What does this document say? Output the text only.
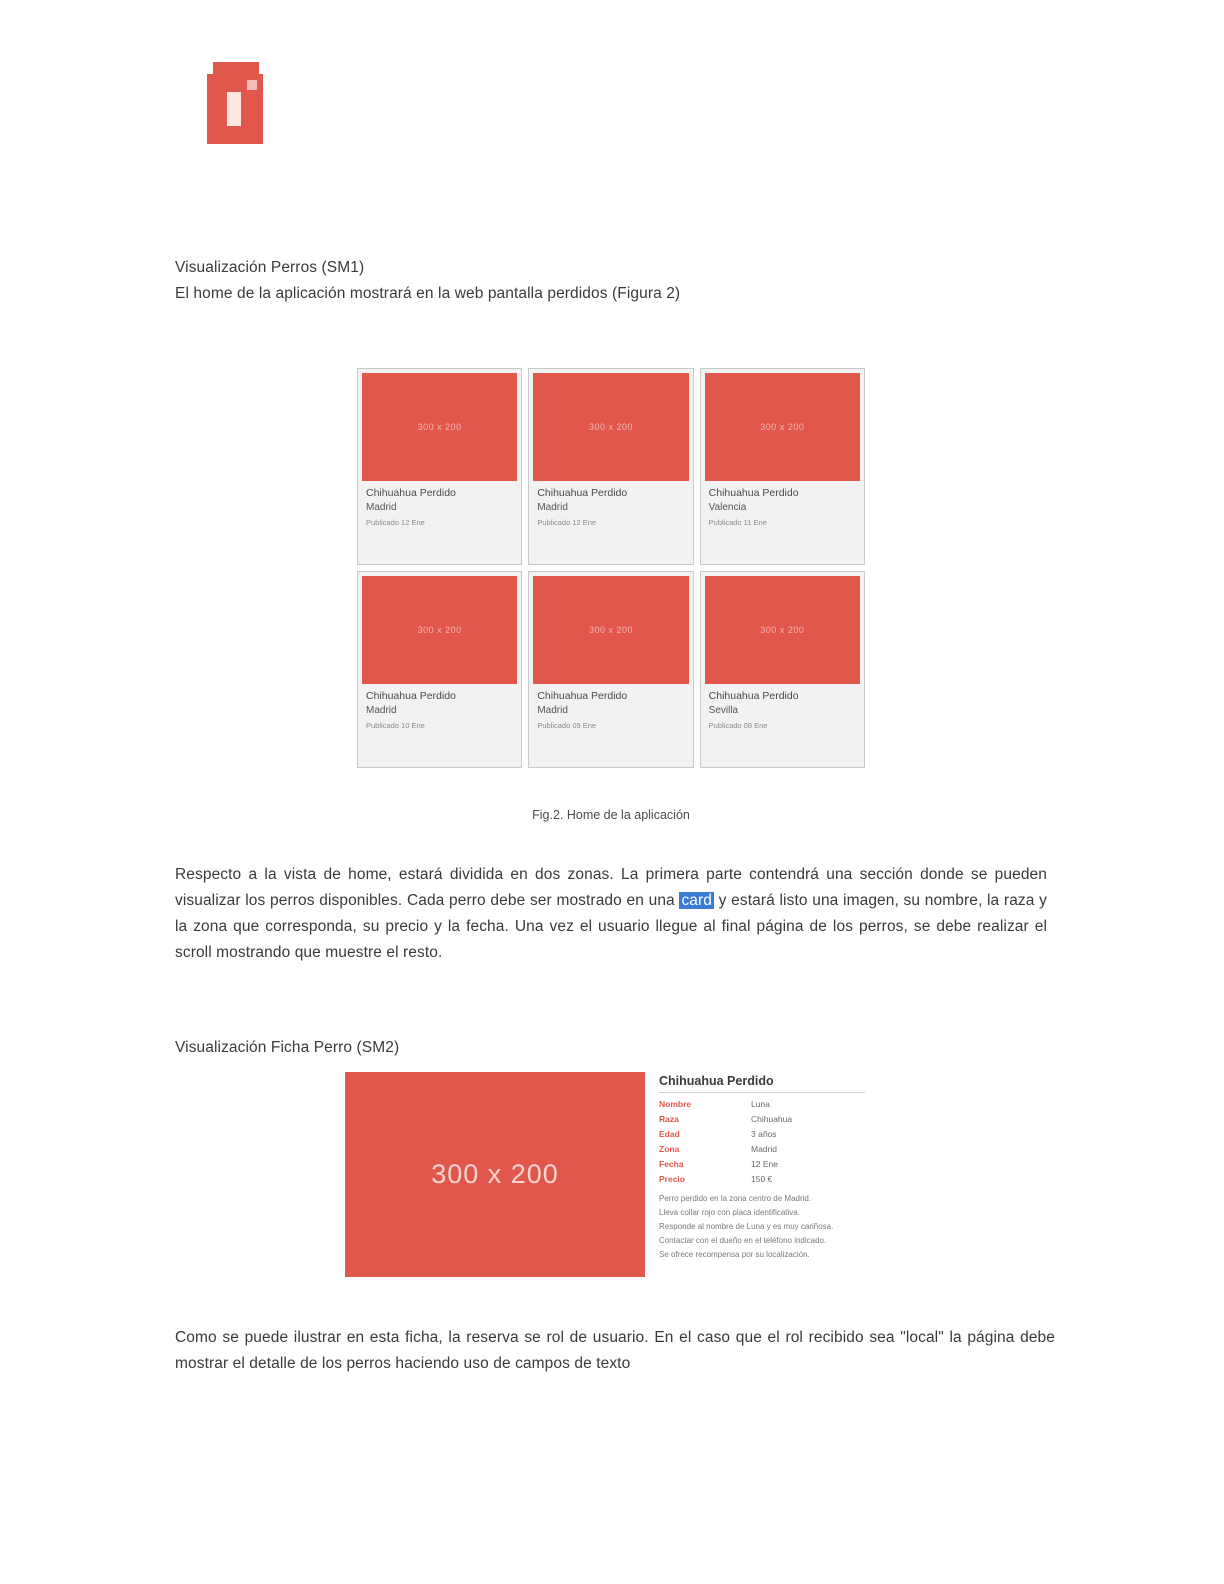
Visualización Perros (SM1)
El home de la aplicación mostrará en la web pantalla perdidos (Figura 2)
300 x 200
Chihuahua Perdido
Madrid
Publicado 12 Ene
300 x 200
Chihuahua Perdido
Madrid
Publicado 12 Ene
300 x 200
Chihuahua Perdido
Valencia
Publicado 11 Ene
300 x 200
Chihuahua Perdido
Madrid
Publicado 10 Ene
300 x 200
Chihuahua Perdido
Madrid
Publicado 09 Ene
300 x 200
Chihuahua Perdido
Sevilla
Publicado 08 Ene
Fig.2. Home de la aplicación
Respecto a la vista de home, estará dividida en dos zonas. La primera parte contendrá una sección donde se pueden visualizar los perros disponibles. Cada perro debe ser mostrado en una card y estará listo una imagen, su nombre, la raza y la zona que corresponda, su precio y la fecha. Una vez el usuario llegue al final página de los perros, se debe realizar el scroll mostrando que muestre el resto.
Visualización Ficha Perro (SM2)
300 x 200
Chihuahua Perdido
Nombre	Luna
Raza	Chihuahua
Edad	3 años
Zona	Madrid
Fecha	12 Ene
Precio	150 €
Perro perdido en la zona centro de Madrid.
Lleva collar rojo con placa identificativa.
Responde al nombre de Luna y es muy cariñosa.
Contactar con el dueño en el teléfono indicado.
Se ofrece recompensa por su localización.
Como se puede ilustrar en esta ficha, la reserva se rol de usuario. En el caso que el rol recibido sea "local" la página debe mostrar el detalle de los perros haciendo uso de campos de texto
